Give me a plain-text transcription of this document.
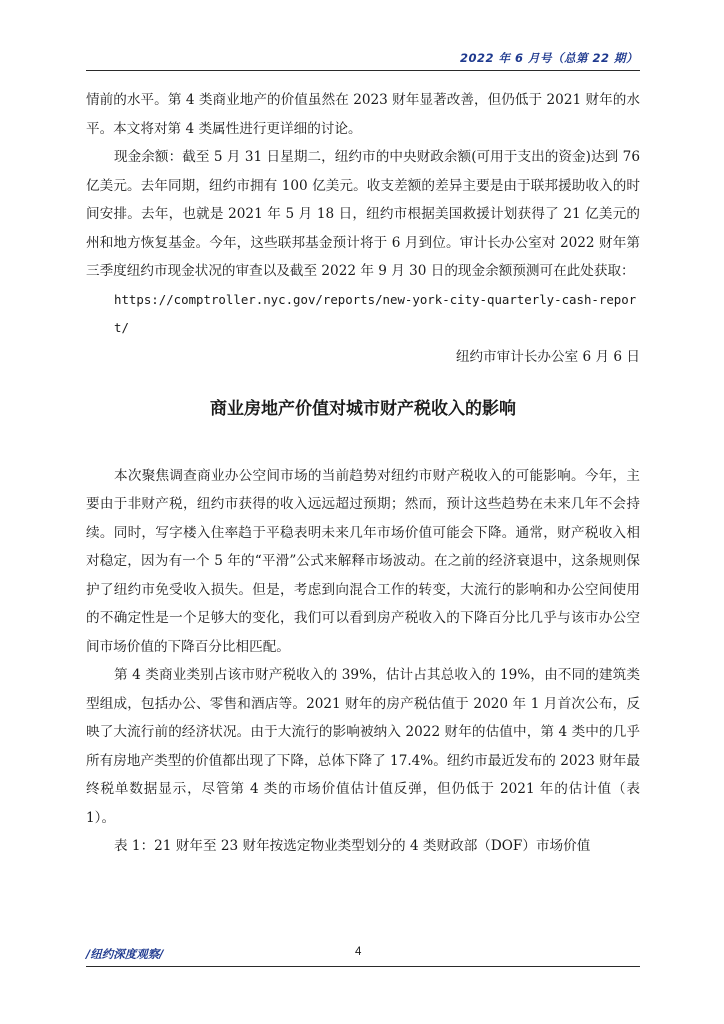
2022 年 6 月号（总第 22 期）

情前的水平。第 4 类商业地产的价值虽然在 2023 财年显著改善，但仍低于 2021 财年的水平。本文将对第 4 类属性进行更详细的讨论。

现金余额：截至 5 月 31 日星期二，纽约市的中央财政余额(可用于支出的资金)达到 76 亿美元。去年同期，纽约市拥有 100 亿美元。收支差额的差异主要是由于联邦援助收入的时间安排。去年，也就是 2021 年 5 月 18 日，纽约市根据美国救援计划获得了 21 亿美元的州和地方恢复基金。今年，这些联邦基金预计将于 6 月到位。审计长办公室对 2022 财年第三季度纽约市现金状况的审查以及截至 2022 年 9 月 30 日的现金余额预测可在此处获取：

https://comptroller.nyc.gov/reports/new-york-city-quarterly-cash-report/

纽约市审计长办公室 6 月 6 日

商业房地产价值对城市财产税收入的影响

本次聚焦调查商业办公空间市场的当前趋势对纽约市财产税收入的可能影响。今年，主要由于非财产税，纽约市获得的收入远远超过预期；然而，预计这些趋势在未来几年不会持续。同时，写字楼入住率趋于平稳表明未来几年市场价值可能会下降。通常，财产税收入相对稳定，因为有一个 5 年的“平滑”公式来解释市场波动。在之前的经济衰退中，这条规则保护了纽约市免受收入损失。但是，考虑到向混合工作的转变，大流行的影响和办公空间使用的不确定性是一个足够大的变化，我们可以看到房产税收入的下降百分比几乎与该市办公空间市场价值的下降百分比相匹配。

第 4 类商业类别占该市财产税收入的 39%，估计占其总收入的 19%，由不同的建筑类型组成，包括办公、零售和酒店等。2021 财年的房产税估值于 2020 年 1 月首次公布，反映了大流行前的经济状况。由于大流行的影响被纳入 2022 财年的估值中，第 4 类中的几乎所有房地产类型的价值都出现了下降，总体下降了 17.4%。纽约市最近发布的 2023 财年最终税单数据显示，尽管第 4 类的市场价值估计值反弹，但仍低于 2021 年的估计值（表 1）。

表 1：21 财年至 23 财年按选定物业类型划分的 4 类财政部（DOF）市场价值

/纽约深度观察/	4
